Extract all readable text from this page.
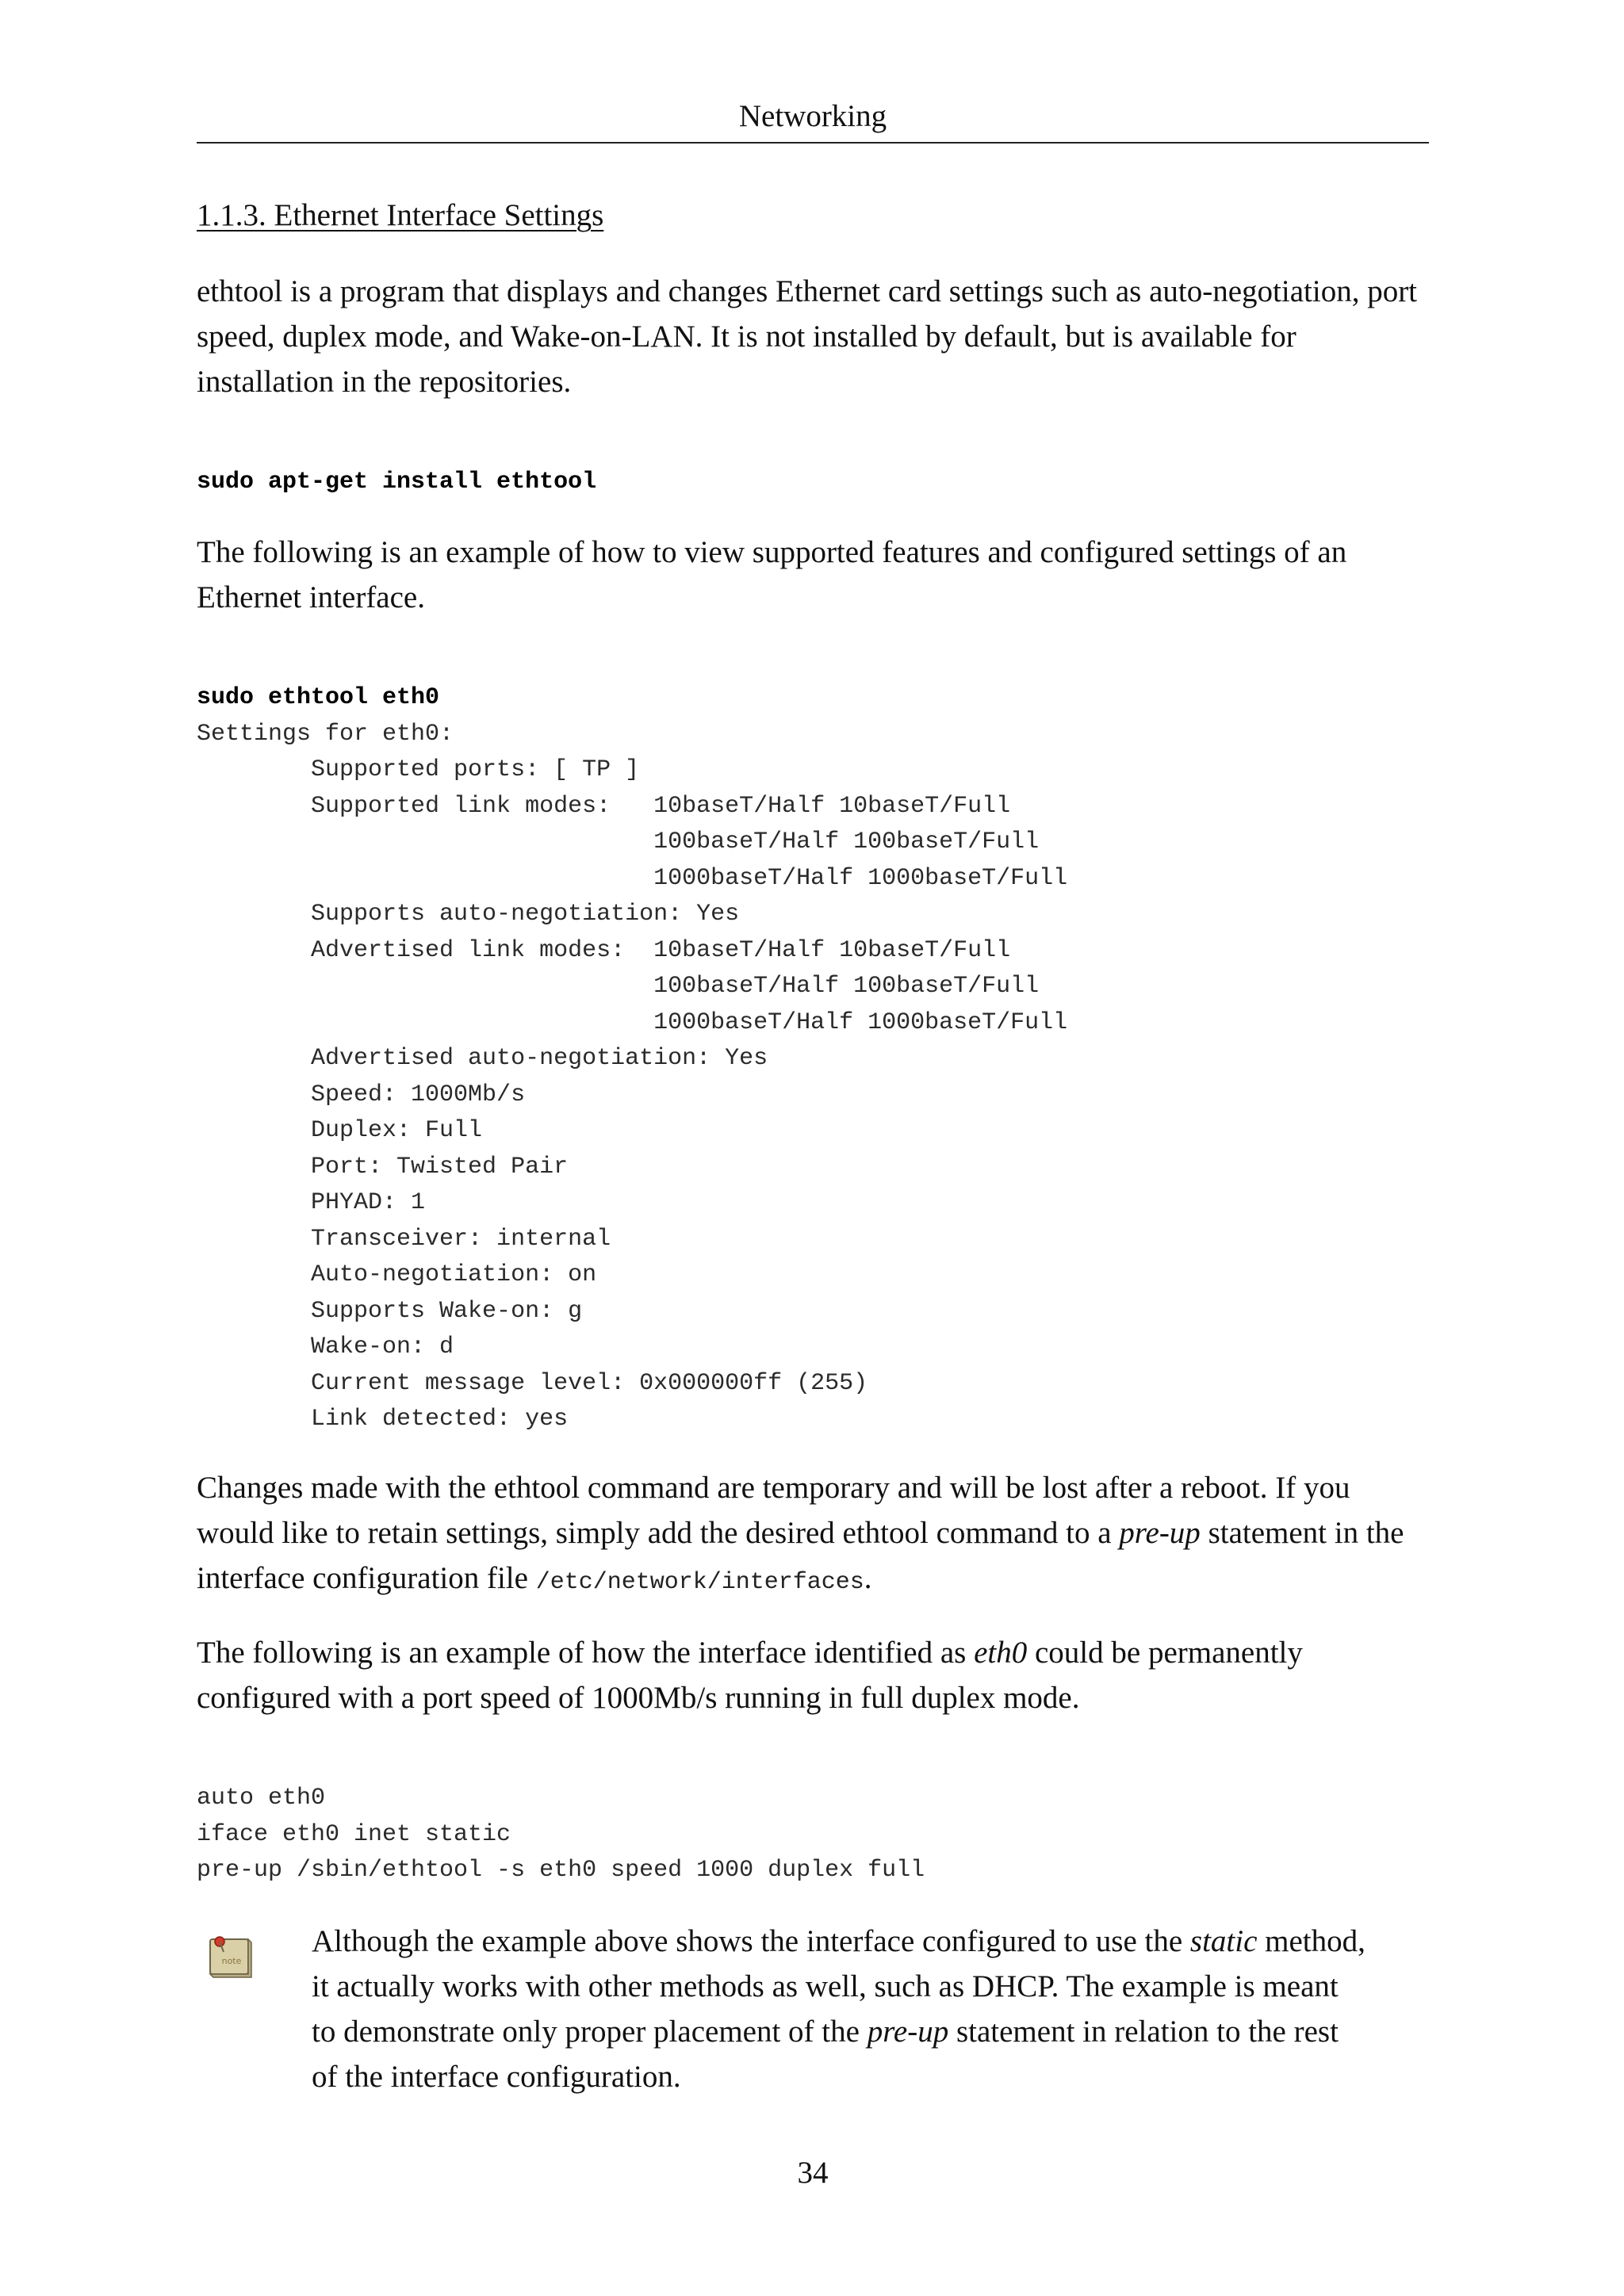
Networking
1.1.3. Ethernet Interface Settings

ethtool is a program that displays and changes Ethernet card settings such as auto-negotiation, port speed, duplex mode, and Wake-on-LAN. It is not installed by default, but is available for installation in the repositories.

sudo apt-get install ethtool

The following is an example of how to view supported features and configured settings of an Ethernet interface.

sudo ethtool eth0
Settings for eth0:
Supported ports: [ TP ]
Supported link modes:   10baseT/Half 10baseT/Full
100baseT/Half 100baseT/Full
1000baseT/Half 1000baseT/Full
Supports auto-negotiation: Yes
Advertised link modes:  10baseT/Half 10baseT/Full
100baseT/Half 100baseT/Full
1000baseT/Half 1000baseT/Full
Advertised auto-negotiation: Yes
Speed: 1000Mb/s
Duplex: Full
Port: Twisted Pair
PHYAD: 1
Transceiver: internal
Auto-negotiation: on
Supports Wake-on: g
Wake-on: d
Current message level: 0x000000ff (255)
Link detected: yes

Changes made with the ethtool command are temporary and will be lost after a reboot. If you would like to retain settings, simply add the desired ethtool command to a pre-up statement in the interface configuration file /etc/network/interfaces.

The following is an example of how the interface identified as eth0 could be permanently configured with a port speed of 1000Mb/s running in full duplex mode.

auto eth0
iface eth0 inet static
pre-up /sbin/ethtool -s eth0 speed 1000 duplex full
note

Although the example above shows the interface configured to use the static method, it actually works with other methods as well, such as DHCP. The example is meant to demonstrate only proper placement of the pre-up statement in relation to the rest of the interface configuration.

34
